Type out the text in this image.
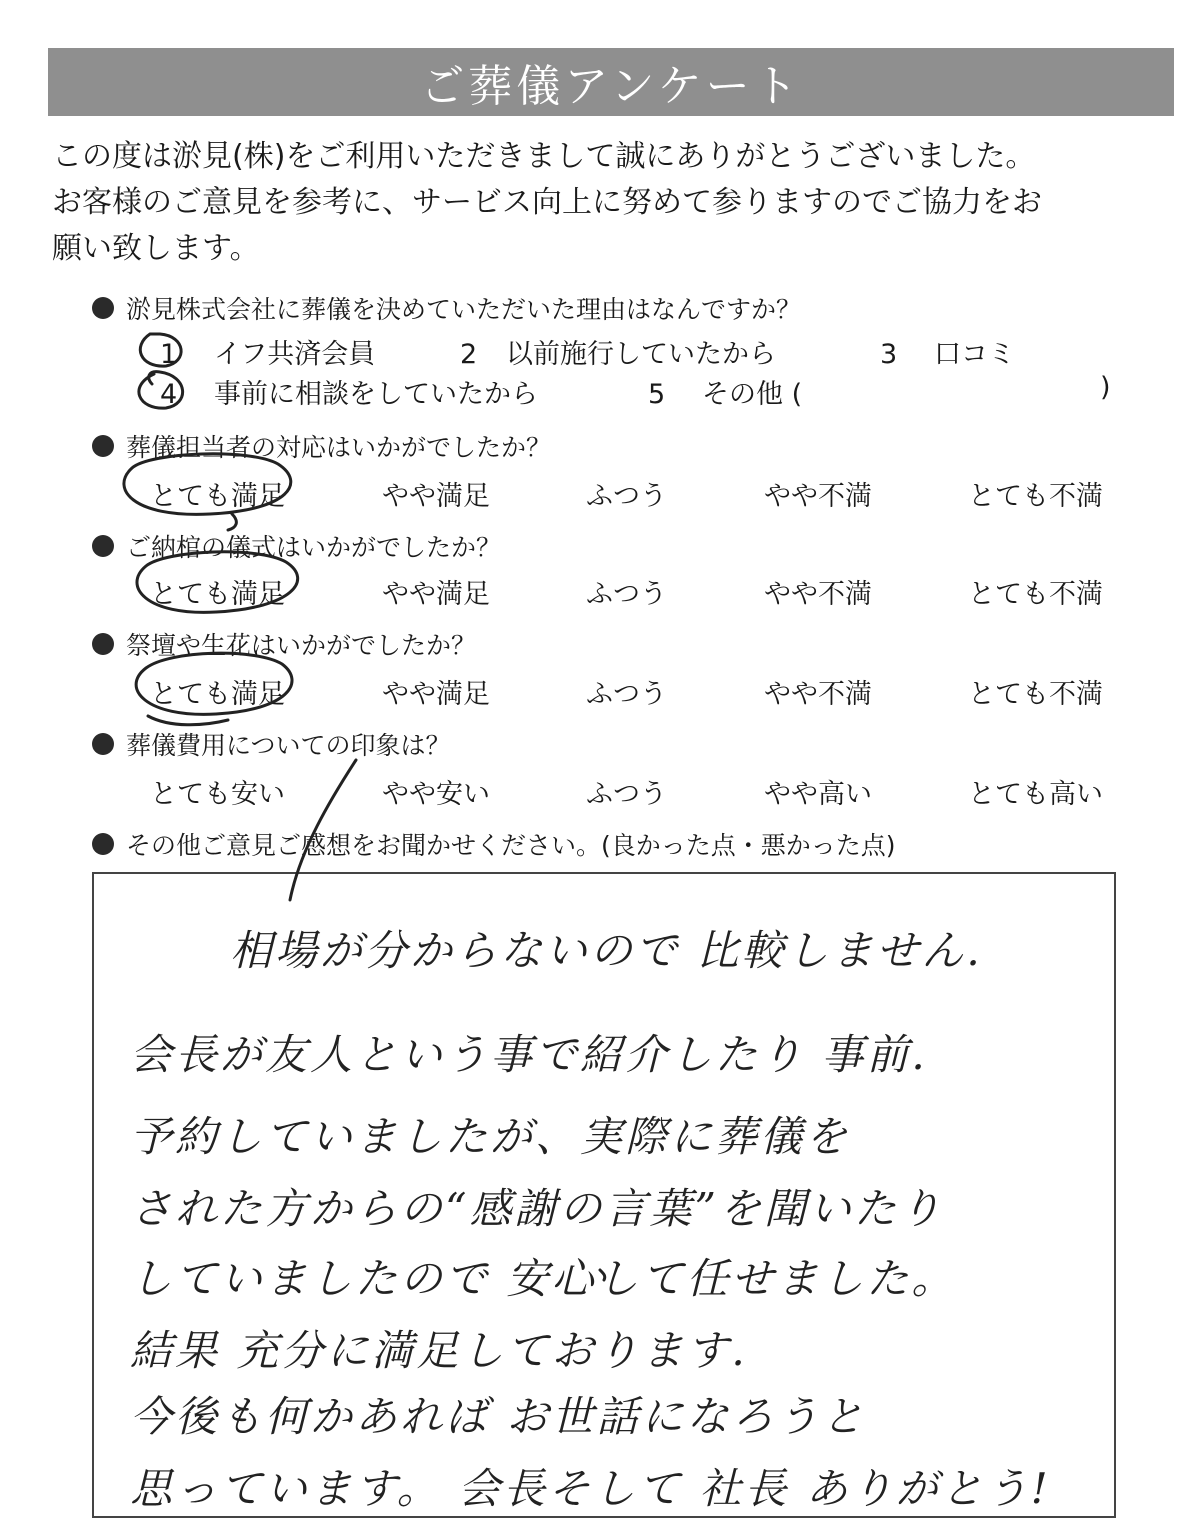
ご葬儀アンケート

この度は淤見(株)をご利用いただきまして誠にありがとうございました。

お客様のご意見を参考に、サービス向上に努めて参りますのでご協力をお

願い致します。

淤見株式会社に葬儀を決めていただいた理由はなんですか？
1 イフ共済会員	2 以前施行していたから	3 口コミ
4 事前に相談をしていたから	5 その他 (	)
葬儀担当者の対応はいかがでしたか？
とても満足	やや満足	ふつう	やや不満	とても不満
ご納棺の儀式はいかがでしたか？
とても満足	やや満足	ふつう	やや不満	とても不満
祭壇や生花はいかがでしたか？
とても満足	やや満足	ふつう	やや不満	とても不満
葬儀費用についての印象は？
とても安い	やや安い	ふつう	やや高い	とても高い
その他ご意見ご感想をお聞かせください。(良かった点・悪かった点)
相場が分からないので 比較しません.
会長が友人という事で紹介したり 事前.
予約していましたが、実際に葬儀を
された方からの“感謝の言葉”を聞いたり
していましたので 安心して任せました。
結果 充分に満足しております.
今後も何かあれば お世話になろうと
思っています。 会長そして 社長 ありがとう!
